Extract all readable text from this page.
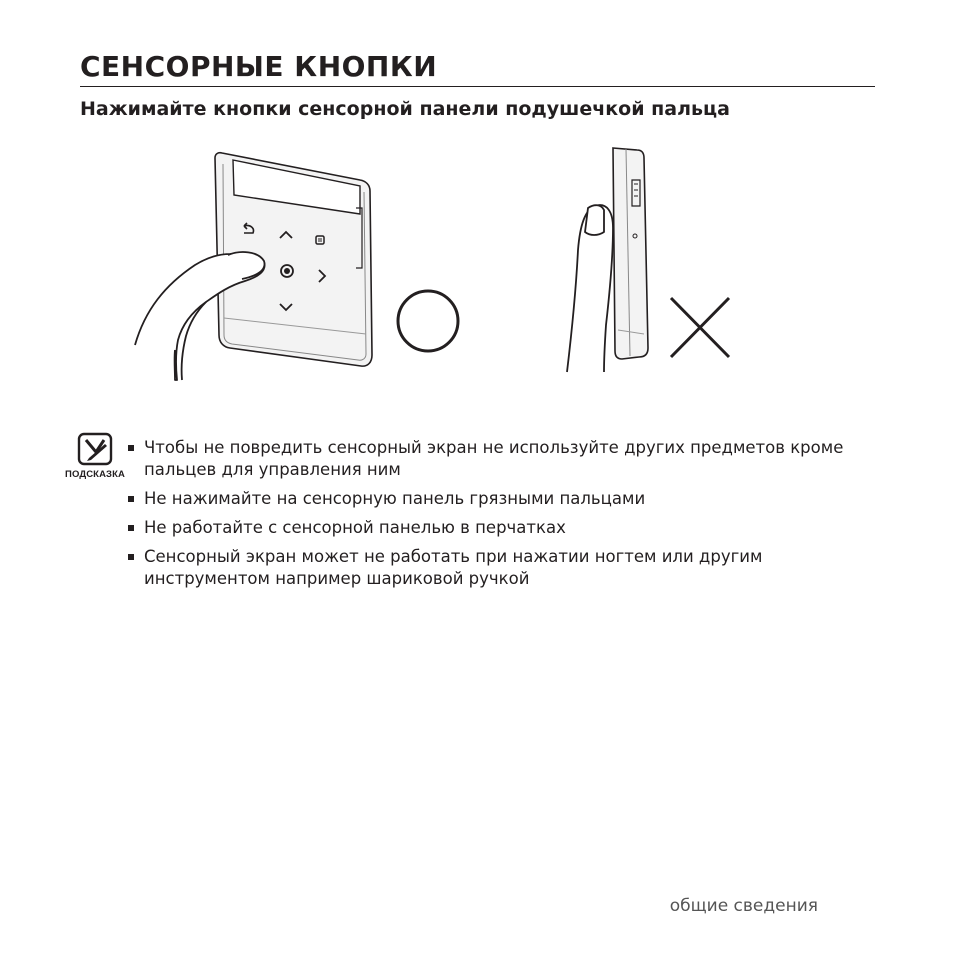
СЕНСОРНЫЕ КНОПКИ
Нажимайте кнопки сенсорной панели подушечкой пальца
ПОДСКАЗКА
Чтобы не повредить сенсорный экран не используйте других предметов кроме пальцев для управления ним
Не нажимайте на сенсорную панель грязными пальцами
Не работайте с сенсорной панелью в перчатках
Сенсорный экран может не работать при нажатии ногтем или другим инструментом например шариковой ручкой
общие сведения
